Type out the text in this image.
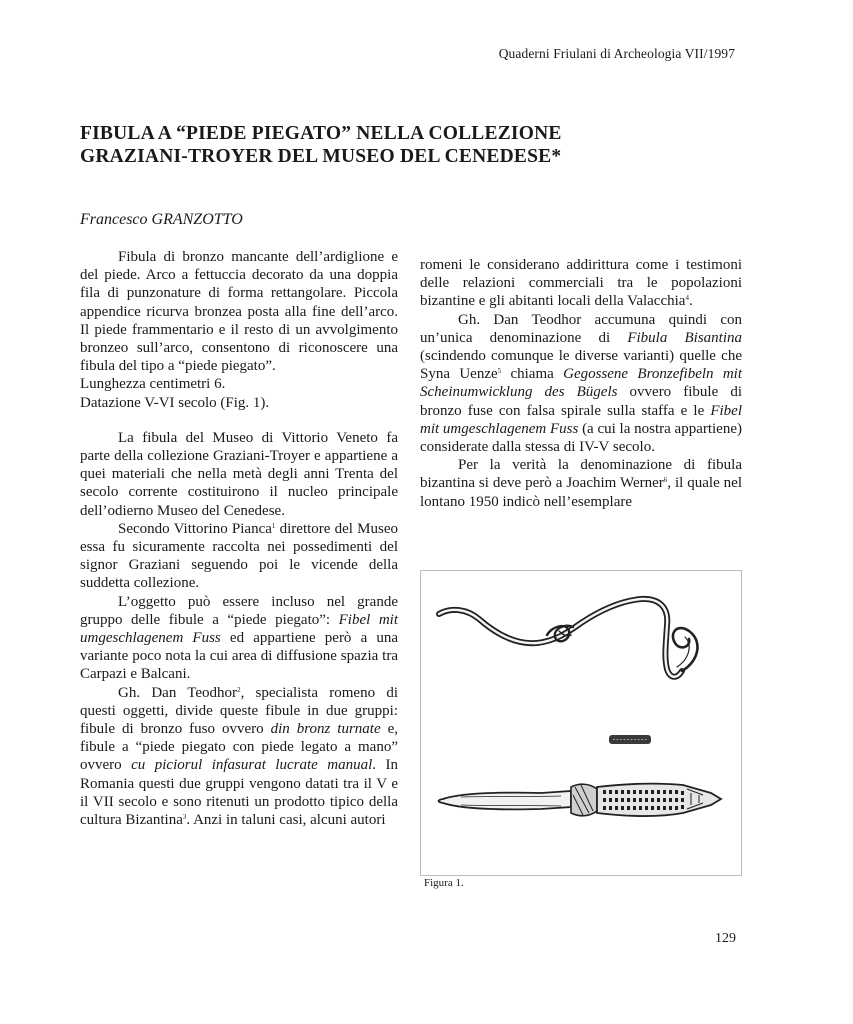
Quaderni Friulani di Archeologia VII/1997
FIBULA A “PIEDE PIEGATO” NELLA COLLEZIONE
GRAZIANI-TROYER DEL MUSEO DEL CENEDESE*
Francesco GRANZOTTO

Fibula di bronzo mancante dell’ardiglione e del piede. Arco a fettuccia decorato da una doppia fila di punzonature di forma rettangolare. Piccola appendice ricurva bronzea posta alla fine dell’arco. Il piede frammentario e il resto di un avvolgimento bronzeo sull’arco, consentono di riconoscere una fibula del tipo a “piede piegato”.

Lunghezza centimetri 6.

Datazione V-VI secolo (Fig. 1).

La fibula del Museo di Vittorio Veneto fa parte della collezione Graziani-Troyer e appartiene a quei materiali che nella metà degli anni Trenta del secolo corrente costituirono il nucleo principale dell’odierno Museo del Cenedese.

Secondo Vittorino Pianca$^1$ direttore del Museo essa fu sicuramente raccolta nei possedimenti del signor Graziani seguendo poi le vicende della suddetta collezione.

L’oggetto può essere incluso nel grande gruppo delle fibule a “piede piegato”: Fibel mit umgeschlagenem Fuss ed appartiene però a una variante poco nota la cui area di diffusione spazia tra Carpazi e Balcani.

Gh. Dan Teodhor$^2$, specialista romeno di questi oggetti, divide queste fibule in due gruppi: fibule di bronzo fuso ovvero din bronz turnate e, fibule a “piede piegato con piede legato a mano” ovvero cu piciorul infasurat lucrate manual. In Romania questi due gruppi vengono datati tra il V e il VII secolo e sono ritenuti un prodotto tipico della cultura Bizantina$^3$. Anzi in taluni casi, alcuni autori

romeni le considerano addirittura come i testimoni delle relazioni commerciali tra le popolazioni bizantine e gli abitanti locali della Valacchia$^4$.

Gh. Dan Teodhor accumuna quindi con un’unica denominazione di Fibula Bisantina (scindendo comunque le diverse varianti) quelle che Syna Uenze$^5$ chiama Gegossene Bronzefibeln mit Scheinumwicklung des Bügels ovvero fibule di bronzo fuse con falsa spirale sulla staffa e le Fibel mit umgeschlagenem Fuss (a cui la nostra appartiene) considerate dalla stessa di IV-V secolo.

Per la verità la denominazione di fibula bizantina si deve però a Joachim Werner$^6$, il quale nel lontano 1950 indicò nell’esemplare

Figura 1.
129
